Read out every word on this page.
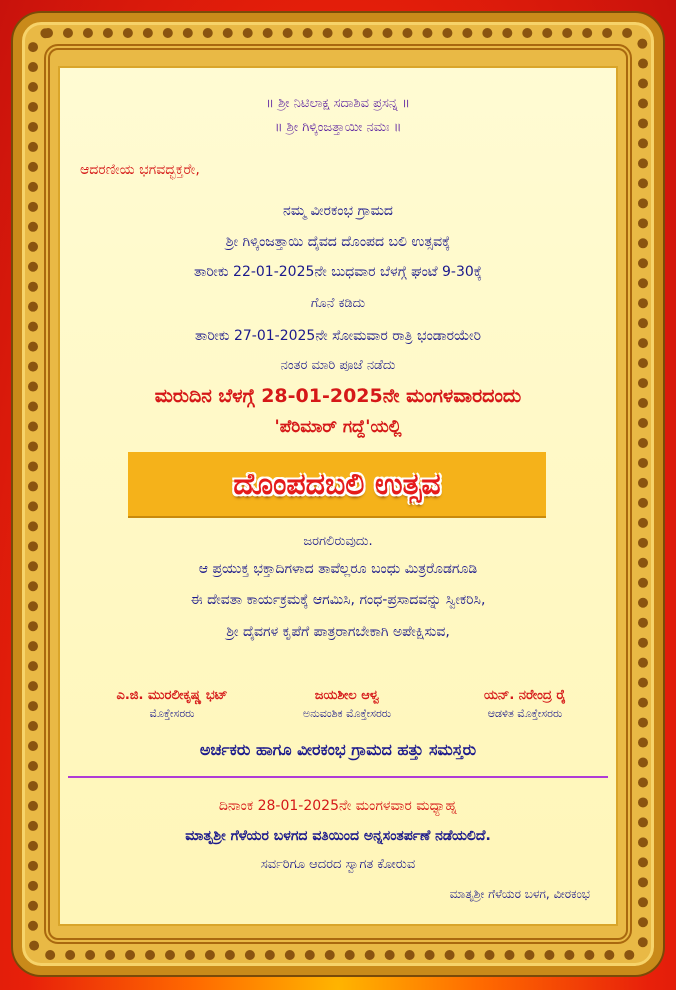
॥ ಶ್ರೀ ನಿಟಿಲಾಕ್ಷ ಸದಾಶಿವ ಪ್ರಸನ್ನ ॥
॥ ಶ್ರೀ ಗಿಳ್ಕಿಂಜತ್ತಾಯೀ ನಮಃ ॥
ಆದರಣೀಯ ಭಗವದ್ಭಕ್ತರೇ,
ನಮ್ಮ ವೀರಕಂಭ ಗ್ರಾಮದ
ಶ್ರೀ ಗಿಳ್ಕಿಂಜತ್ತಾಯಿ ದೈವದ ದೊಂಪದ ಬಲಿ ಉತ್ಸವಕ್ಕೆ
ತಾರೀಕು 22-01-2025ನೇ ಬುಧವಾರ ಬೆಳಗ್ಗೆ ಘಂಟೆ 9-30ಕ್ಕೆ
ಗೊನೆ ಕಡಿದು
ತಾರೀಕು 27-01-2025ನೇ ಸೋಮವಾರ ರಾತ್ರಿ ಭಂಡಾರಯೇರಿ
ನಂತರ ಮಾರಿ ಪೂಜೆ ನಡೆದು
ಮರುದಿನ ಬೆಳಗ್ಗೆ 28-01-2025ನೇ ಮಂಗಳವಾರದಂದು
'ಪೆರಿಮಾರ್ ಗದ್ದೆ'ಯಲ್ಲಿ
ದೊಂಪದಬಲಿ ಉತ್ಸವ
ಜರಗಲಿರುವುದು.
ಆ ಪ್ರಯುಕ್ತ ಭಕ್ತಾದಿಗಳಾದ ತಾವೆಲ್ಲರೂ ಬಂಧು ಮಿತ್ರರೊಡಗೂಡಿ
ಈ ದೇವತಾ ಕಾರ್ಯಕ್ರಮಕ್ಕೆ ಆಗಮಿಸಿ, ಗಂಧ-ಪ್ರಸಾದವನ್ನು ಸ್ವೀಕರಿಸಿ,
ಶ್ರೀ ದೈವಗಳ ಕೃಪೆಗೆ ಪಾತ್ರರಾಗಬೇಕಾಗಿ ಅಪೇಕ್ಷಿಸುವ,
ಎ.ಜಿ. ಮುರಲೀಕೃಷ್ಣ ಭಟ್
ಮೊಕ್ತೇಸರರು
ಜಯಶೀಲ ಆಳ್ವ
ಅನುವಂಶಿಕ ಮೊಕ್ತೇಸರರು
ಯನ್. ನರೇಂದ್ರ ರೈ
ಆಡಳಿತ ಮೊಕ್ತೇಸರರು
ಅರ್ಚಕರು ಹಾಗೂ ವೀರಕಂಭ ಗ್ರಾಮದ ಹತ್ತು ಸಮಸ್ತರು
ದಿನಾಂಕ 28-01-2025ನೇ ಮಂಗಳವಾರ ಮಧ್ಯಾಹ್ನ
ಮಾತೃಶ್ರೀ ಗೆಳೆಯರ ಬಳಗದ ವತಿಯಿಂದ ಅನ್ನಸಂತರ್ಪಣೆ ನಡೆಯಲಿದೆ.
ಸರ್ವರಿಗೂ ಆದರದ ಸ್ವಾಗತ ಕೋರುವ
ಮಾತೃಶ್ರೀ ಗೆಳೆಯರ ಬಳಗ, ವೀರಕಂಭ
